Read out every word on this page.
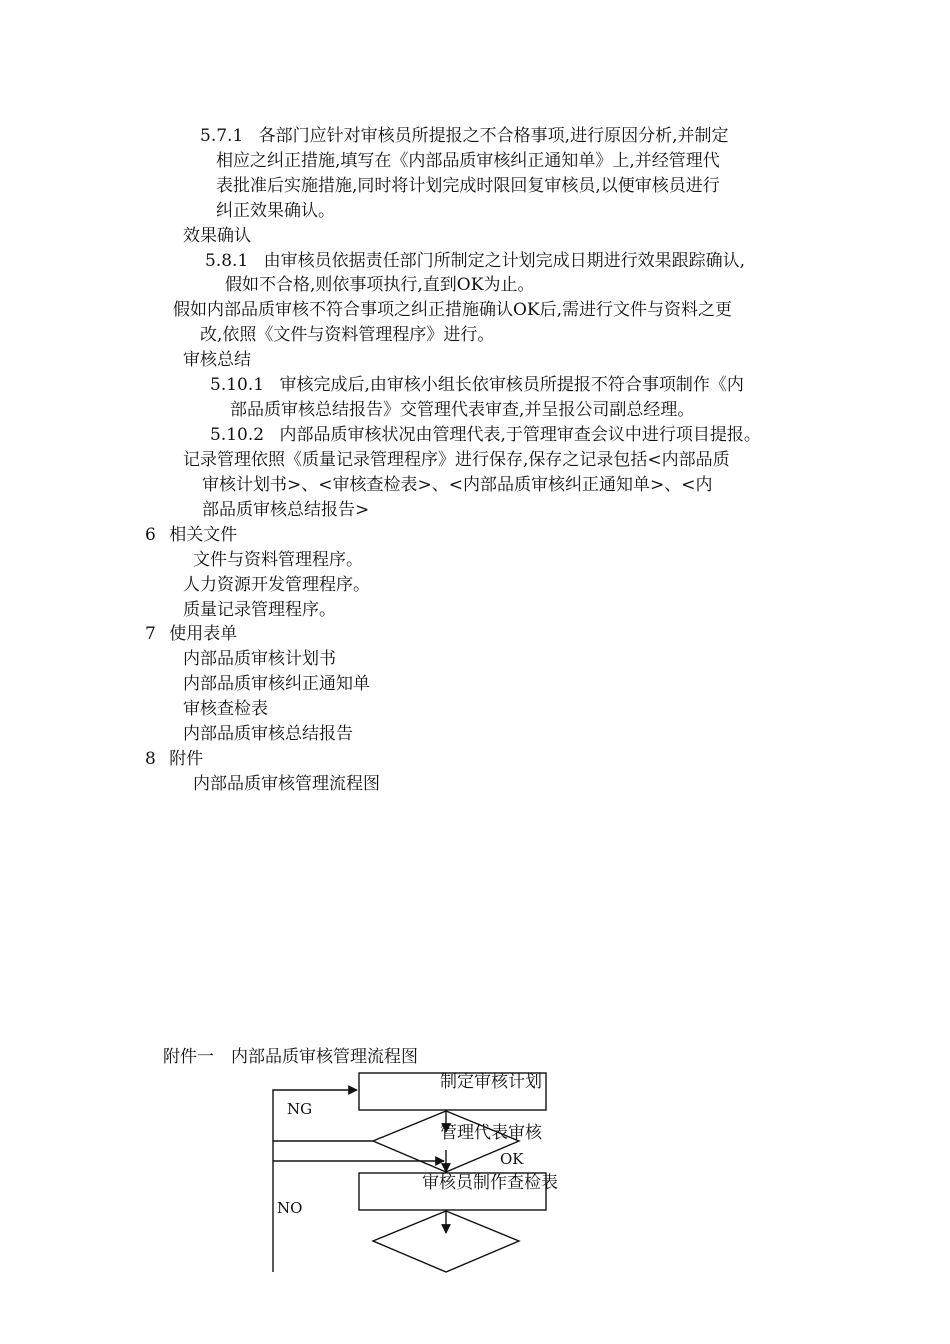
5.7.1 各部门应针对审核员所提报之不合格事项,进行原因分析,并制定
相应之纠正措施,填写在《内部品质审核纠正通知单》上,并经管理代
表批准后实施措施,同时将计划完成时限回复审核员,以便审核员进行
纠正效果确认。
效果确认
5.8.1 由审核员依据责任部门所制定之计划完成日期进行效果跟踪确认,
假如不合格,则依事项执行,直到OK为止。
假如内部品质审核不符合事项之纠正措施确认OK后,需进行文件与资料之更
改,依照《文件与资料管理程序》进行。
审核总结
5.10.1 审核完成后,由审核小组长依审核员所提报不符合事项制作《内
部品质审核总结报告》交管理代表审查,并呈报公司副总经理。
5.10.2 内部品质审核状况由管理代表,于管理审查会议中进行项目提报。
记录管理依照《质量记录管理程序》进行保存,保存之记录包括<内部品质
审核计划书>、<审核查检表>、<内部品质审核纠正通知单>、<内
部品质审核总结报告>
6 相关文件
文件与资料管理程序。
人力资源开发管理程序。
质量记录管理程序。
7 使用表单
内部品质审核计划书
内部品质审核纠正通知单
审核查检表
内部品质审核总结报告
8 附件
内部品质审核管理流程图
附件一　内部品质审核管理流程图
制定审核计划
管理代表审核
NG
OK
审核员制作查检表
NO
